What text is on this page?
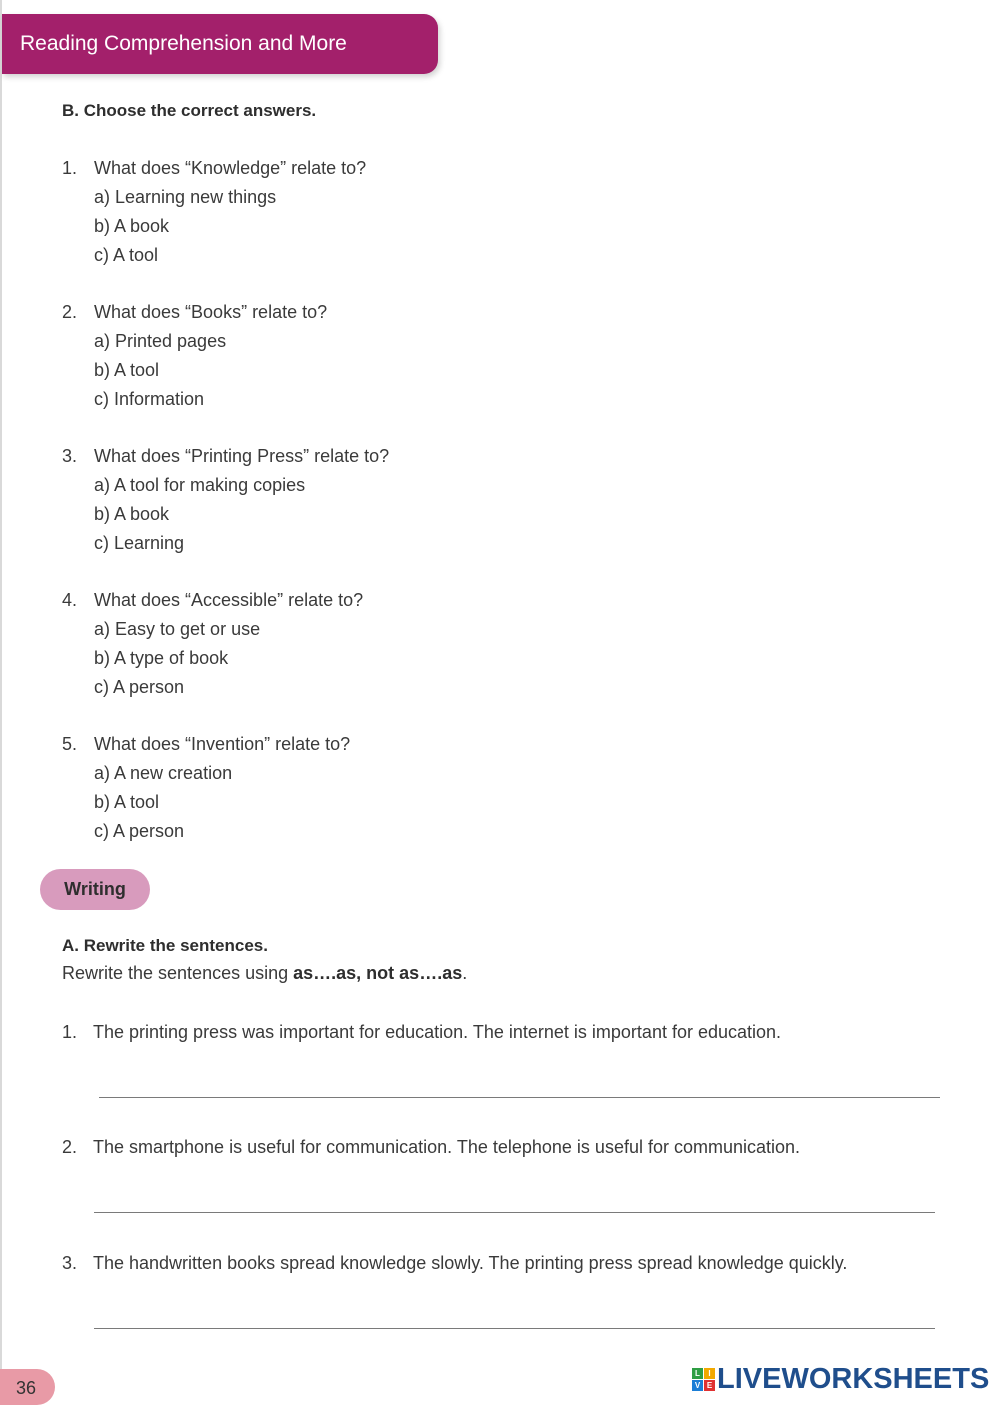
Reading Comprehension and More
B. Choose the correct answers.
1. What does “Knowledge” relate to?
a) Learning new things
b) A book
c) A tool
2. What does “Books” relate to?
a) Printed pages
b) A tool
c) Information
3. What does “Printing Press” relate to?
a) A tool for making copies
b) A book
c) Learning
4. What does “Accessible” relate to?
a) Easy to get or use
b) A type of book
c) A person
5. What does “Invention” relate to?
a) A new creation
b) A tool
c) A person
Writing
A. Rewrite the sentences.
Rewrite the sentences using as….as, not as….as.
1. The printing press was important for education. The internet is important for education.
2. The smartphone is useful for communication. The telephone is useful for communication.
3. The handwritten books spread knowledge slowly. The printing press spread knowledge quickly.
36
L	I
V E LIVEWORKSHEETS
